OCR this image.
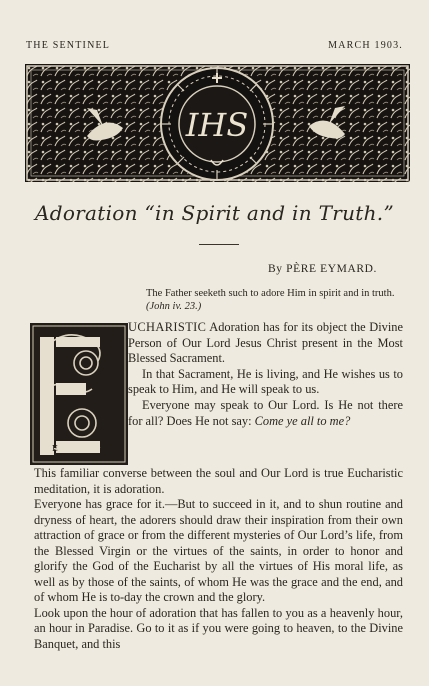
THE SENTINEL	MARCH 1903.
IHS
Adoration “in Spirit and in Truth.”
By PÈRE EYMARD.
The Father seeketh such to adore Him in spirit and in truth. (John iv. 23.)
E

UCHARISTIC Adoration has for its object the Divine Person of Our Lord Jesus Christ present in the Most Blessed Sacrament.

In that Sacrament, He is living, and He wishes us to speak to Him, and He will speak to us.

Everyone may speak to Our Lord. Is He not there for all? Does He not say: Come ye all to me?

This familiar converse between the soul and Our Lord is true Eucharistic meditation, it is adoration.

Everyone has grace for it.—But to succeed in it, and to shun routine and dryness of heart, the adorers should draw their inspiration from their own attraction of grace or from the different mysteries of Our Lord’s life, from the Blessed Virgin or the virtues of the saints, in order to honor and glorify the God of the Eucharist by all the virtues of His moral life, as well as by those of the saints, of whom He was the grace and the end, and of whom He is to-day the crown and the glory.

Look upon the hour of adoration that has fallen to you as a heavenly hour, an hour in Paradise. Go to it as if you were going to heaven, to the Divine Banquet, and this
